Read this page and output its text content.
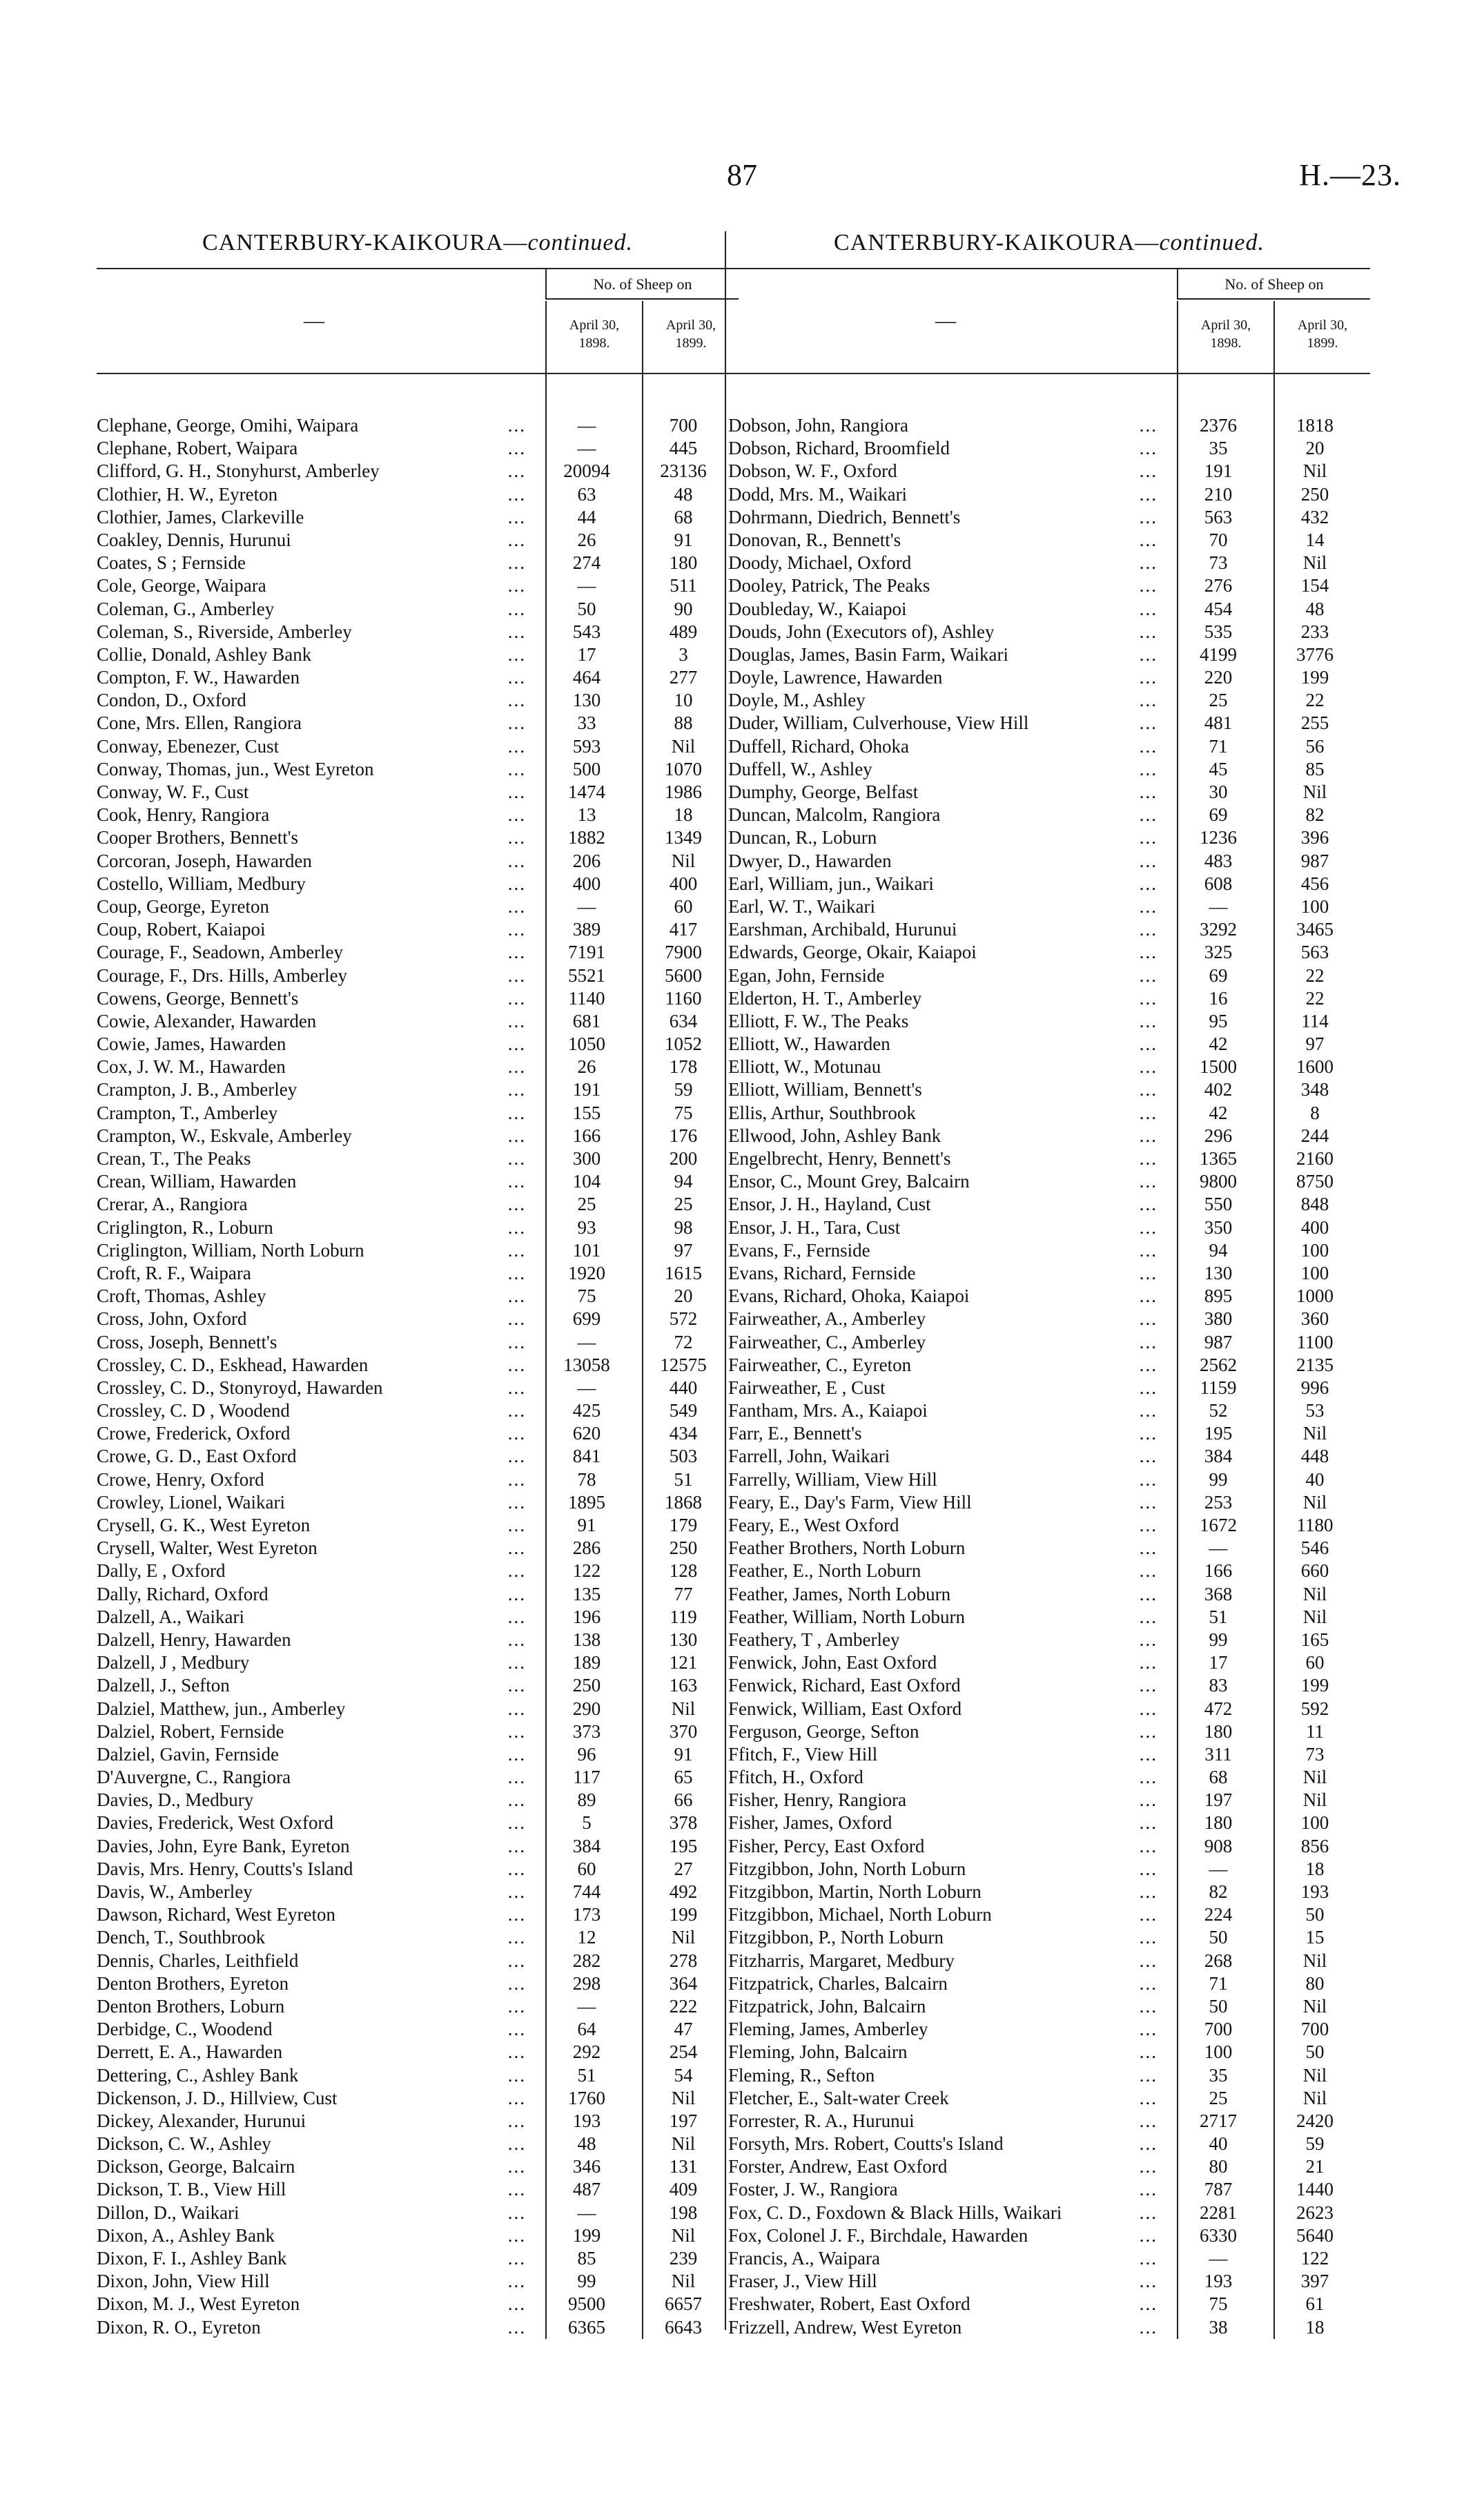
87	H.—23.
CANTERBURY-KAIKOURA—continued.
—
No. of Sheep on
April 30,
1898.
April 30,
1899.
Clephane, George, Omihi, Waipara	...	—	700
Clephane, Robert, Waipara	...	—	445
Clifford, G. H., Stonyhurst, Amberley	...	20094	23136
Clothier, H. W., Eyreton	...	63	48
Clothier, James, Clarkeville	...	44	68
Coakley, Dennis, Hurunui	...	26	91
Coates, S ; Fernside	...	274	180
Cole, George, Waipara	...	—	511
Coleman, G., Amberley	...	50	90
Coleman, S., Riverside, Amberley	...	543	489
Collie, Donald, Ashley Bank	...	17	3
Compton, F. W., Hawarden	...	464	277
Condon, D., Oxford	...	130	10
Cone, Mrs. Ellen, Rangiora	...	33	88
Conway, Ebenezer, Cust	...	593	Nil
Conway, Thomas, jun., West Eyreton	...	500	1070
Conway, W. F., Cust	...	1474	1986
Cook, Henry, Rangiora	...	13	18
Cooper Brothers, Bennett's	...	1882	1349
Corcoran, Joseph, Hawarden	...	206	Nil
Costello, William, Medbury	...	400	400
Coup, George, Eyreton	...	—	60
Coup, Robert, Kaiapoi	...	389	417
Courage, F., Seadown, Amberley	...	7191	7900
Courage, F., Drs. Hills, Amberley	...	5521	5600
Cowens, George, Bennett's	...	1140	1160
Cowie, Alexander, Hawarden	...	681	634
Cowie, James, Hawarden	...	1050	1052
Cox, J. W. M., Hawarden	...	26	178
Crampton, J. B., Amberley	...	191	59
Crampton, T., Amberley	...	155	75
Crampton, W., Eskvale, Amberley	...	166	176
Crean, T., The Peaks	...	300	200
Crean, William, Hawarden	...	104	94
Crerar, A., Rangiora	...	25	25
Criglington, R., Loburn	...	93	98
Criglington, William, North Loburn	...	101	97
Croft, R. F., Waipara	...	1920	1615
Croft, Thomas, Ashley	...	75	20
Cross, John, Oxford	...	699	572
Cross, Joseph, Bennett's	...	—	72
Crossley, C. D., Eskhead, Hawarden	...	13058	12575
Crossley, C. D., Stonyroyd, Hawarden	...	—	440
Crossley, C. D , Woodend	...	425	549
Crowe, Frederick, Oxford	...	620	434
Crowe, G. D., East Oxford	...	841	503
Crowe, Henry, Oxford	...	78	51
Crowley, Lionel, Waikari	...	1895	1868
Crysell, G. K., West Eyreton	...	91	179
Crysell, Walter, West Eyreton	...	286	250
Dally, E , Oxford	...	122	128
Dally, Richard, Oxford	...	135	77
Dalzell, A., Waikari	...	196	119
Dalzell, Henry, Hawarden	...	138	130
Dalzell, J , Medbury	...	189	121
Dalzell, J., Sefton	...	250	163
Dalziel, Matthew, jun., Amberley	...	290	Nil
Dalziel, Robert, Fernside	...	373	370
Dalziel, Gavin, Fernside	...	96	91
D'Auvergne, C., Rangiora	...	117	65
Davies, D., Medbury	...	89	66
Davies, Frederick, West Oxford	...	5	378
Davies, John, Eyre Bank, Eyreton	...	384	195
Davis, Mrs. Henry, Coutts's Island	...	60	27
Davis, W., Amberley	...	744	492
Dawson, Richard, West Eyreton	...	173	199
Dench, T., Southbrook	...	12	Nil
Dennis, Charles, Leithfield	...	282	278
Denton Brothers, Eyreton	...	298	364
Denton Brothers, Loburn	...	—	222
Derbidge, C., Woodend	...	64	47
Derrett, E. A., Hawarden	...	292	254
Dettering, C., Ashley Bank	...	51	54
Dickenson, J. D., Hillview, Cust	...	1760	Nil
Dickey, Alexander, Hurunui	...	193	197
Dickson, C. W., Ashley	...	48	Nil
Dickson, George, Balcairn	...	346	131
Dickson, T. B., View Hill	...	487	409
Dillon, D., Waikari	...	—	198
Dixon, A., Ashley Bank	...	199	Nil
Dixon, F. I., Ashley Bank	...	85	239
Dixon, John, View Hill	...	99	Nil
Dixon, M. J., West Eyreton	...	9500	6657
Dixon, R. O., Eyreton	...	6365	6643
CANTERBURY-KAIKOURA—continued.
—
No. of Sheep on
April 30,
1898.
April 30,
1899.
Dobson, John, Rangiora	...	2376	1818
Dobson, Richard, Broomfield	...	35	20
Dobson, W. F., Oxford	...	191	Nil
Dodd, Mrs. M., Waikari	...	210	250
Dohrmann, Diedrich, Bennett's	...	563	432
Donovan, R., Bennett's	...	70	14
Doody, Michael, Oxford	...	73	Nil
Dooley, Patrick, The Peaks	...	276	154
Doubleday, W., Kaiapoi	...	454	48
Douds, John (Executors of), Ashley	...	535	233
Douglas, James, Basin Farm, Waikari	...	4199	3776
Doyle, Lawrence, Hawarden	...	220	199
Doyle, M., Ashley	...	25	22
Duder, William, Culverhouse, View Hill	...	481	255
Duffell, Richard, Ohoka	...	71	56
Duffell, W., Ashley	...	45	85
Dumphy, George, Belfast	...	30	Nil
Duncan, Malcolm, Rangiora	...	69	82
Duncan, R., Loburn	...	1236	396
Dwyer, D., Hawarden	...	483	987
Earl, William, jun., Waikari	...	608	456
Earl, W. T., Waikari	...	—	100
Earshman, Archibald, Hurunui	...	3292	3465
Edwards, George, Okair, Kaiapoi	...	325	563
Egan, John, Fernside	...	69	22
Elderton, H. T., Amberley	...	16	22
Elliott, F. W., The Peaks	...	95	114
Elliott, W., Hawarden	...	42	97
Elliott, W., Motunau	...	1500	1600
Elliott, William, Bennett's	...	402	348
Ellis, Arthur, Southbrook	...	42	8
Ellwood, John, Ashley Bank	...	296	244
Engelbrecht, Henry, Bennett's	...	1365	2160
Ensor, C., Mount Grey, Balcairn	...	9800	8750
Ensor, J. H., Hayland, Cust	...	550	848
Ensor, J. H., Tara, Cust	...	350	400
Evans, F., Fernside	...	94	100
Evans, Richard, Fernside	...	130	100
Evans, Richard, Ohoka, Kaiapoi	...	895	1000
Fairweather, A., Amberley	...	380	360
Fairweather, C., Amberley	...	987	1100
Fairweather, C., Eyreton	...	2562	2135
Fairweather, E , Cust	...	1159	996
Fantham, Mrs. A., Kaiapoi	...	52	53
Farr, E., Bennett's	...	195	Nil
Farrell, John, Waikari	...	384	448
Farrelly, William, View Hill	...	99	40
Feary, E., Day's Farm, View Hill	...	253	Nil
Feary, E., West Oxford	...	1672	1180
Feather Brothers, North Loburn	...	—	546
Feather, E., North Loburn	...	166	660
Feather, James, North Loburn	...	368	Nil
Feather, William, North Loburn	...	51	Nil
Feathery, T , Amberley	...	99	165
Fenwick, John, East Oxford	...	17	60
Fenwick, Richard, East Oxford	...	83	199
Fenwick, William, East Oxford	...	472	592
Ferguson, George, Sefton	...	180	11
Ffitch, F., View Hill	...	311	73
Ffitch, H., Oxford	...	68	Nil
Fisher, Henry, Rangiora	...	197	Nil
Fisher, James, Oxford	...	180	100
Fisher, Percy, East Oxford	...	908	856
Fitzgibbon, John, North Loburn	...	—	18
Fitzgibbon, Martin, North Loburn	...	82	193
Fitzgibbon, Michael, North Loburn	...	224	50
Fitzgibbon, P., North Loburn	...	50	15
Fitzharris, Margaret, Medbury	...	268	Nil
Fitzpatrick, Charles, Balcairn	...	71	80
Fitzpatrick, John, Balcairn	...	50	Nil
Fleming, James, Amberley	...	700	700
Fleming, John, Balcairn	...	100	50
Fleming, R., Sefton	...	35	Nil
Fletcher, E., Salt-water Creek	...	25	Nil
Forrester, R. A., Hurunui	...	2717	2420
Forsyth, Mrs. Robert, Coutts's Island	...	40	59
Forster, Andrew, East Oxford	...	80	21
Foster, J. W., Rangiora	...	787	1440
Fox, C. D., Foxdown & Black Hills, Waikari	...	2281	2623
Fox, Colonel J. F., Birchdale, Hawarden	...	6330	5640
Francis, A., Waipara	...	—	122
Fraser, J., View Hill	...	193	397
Freshwater, Robert, East Oxford	...	75	61
Frizzell, Andrew, West Eyreton	...	38	18
